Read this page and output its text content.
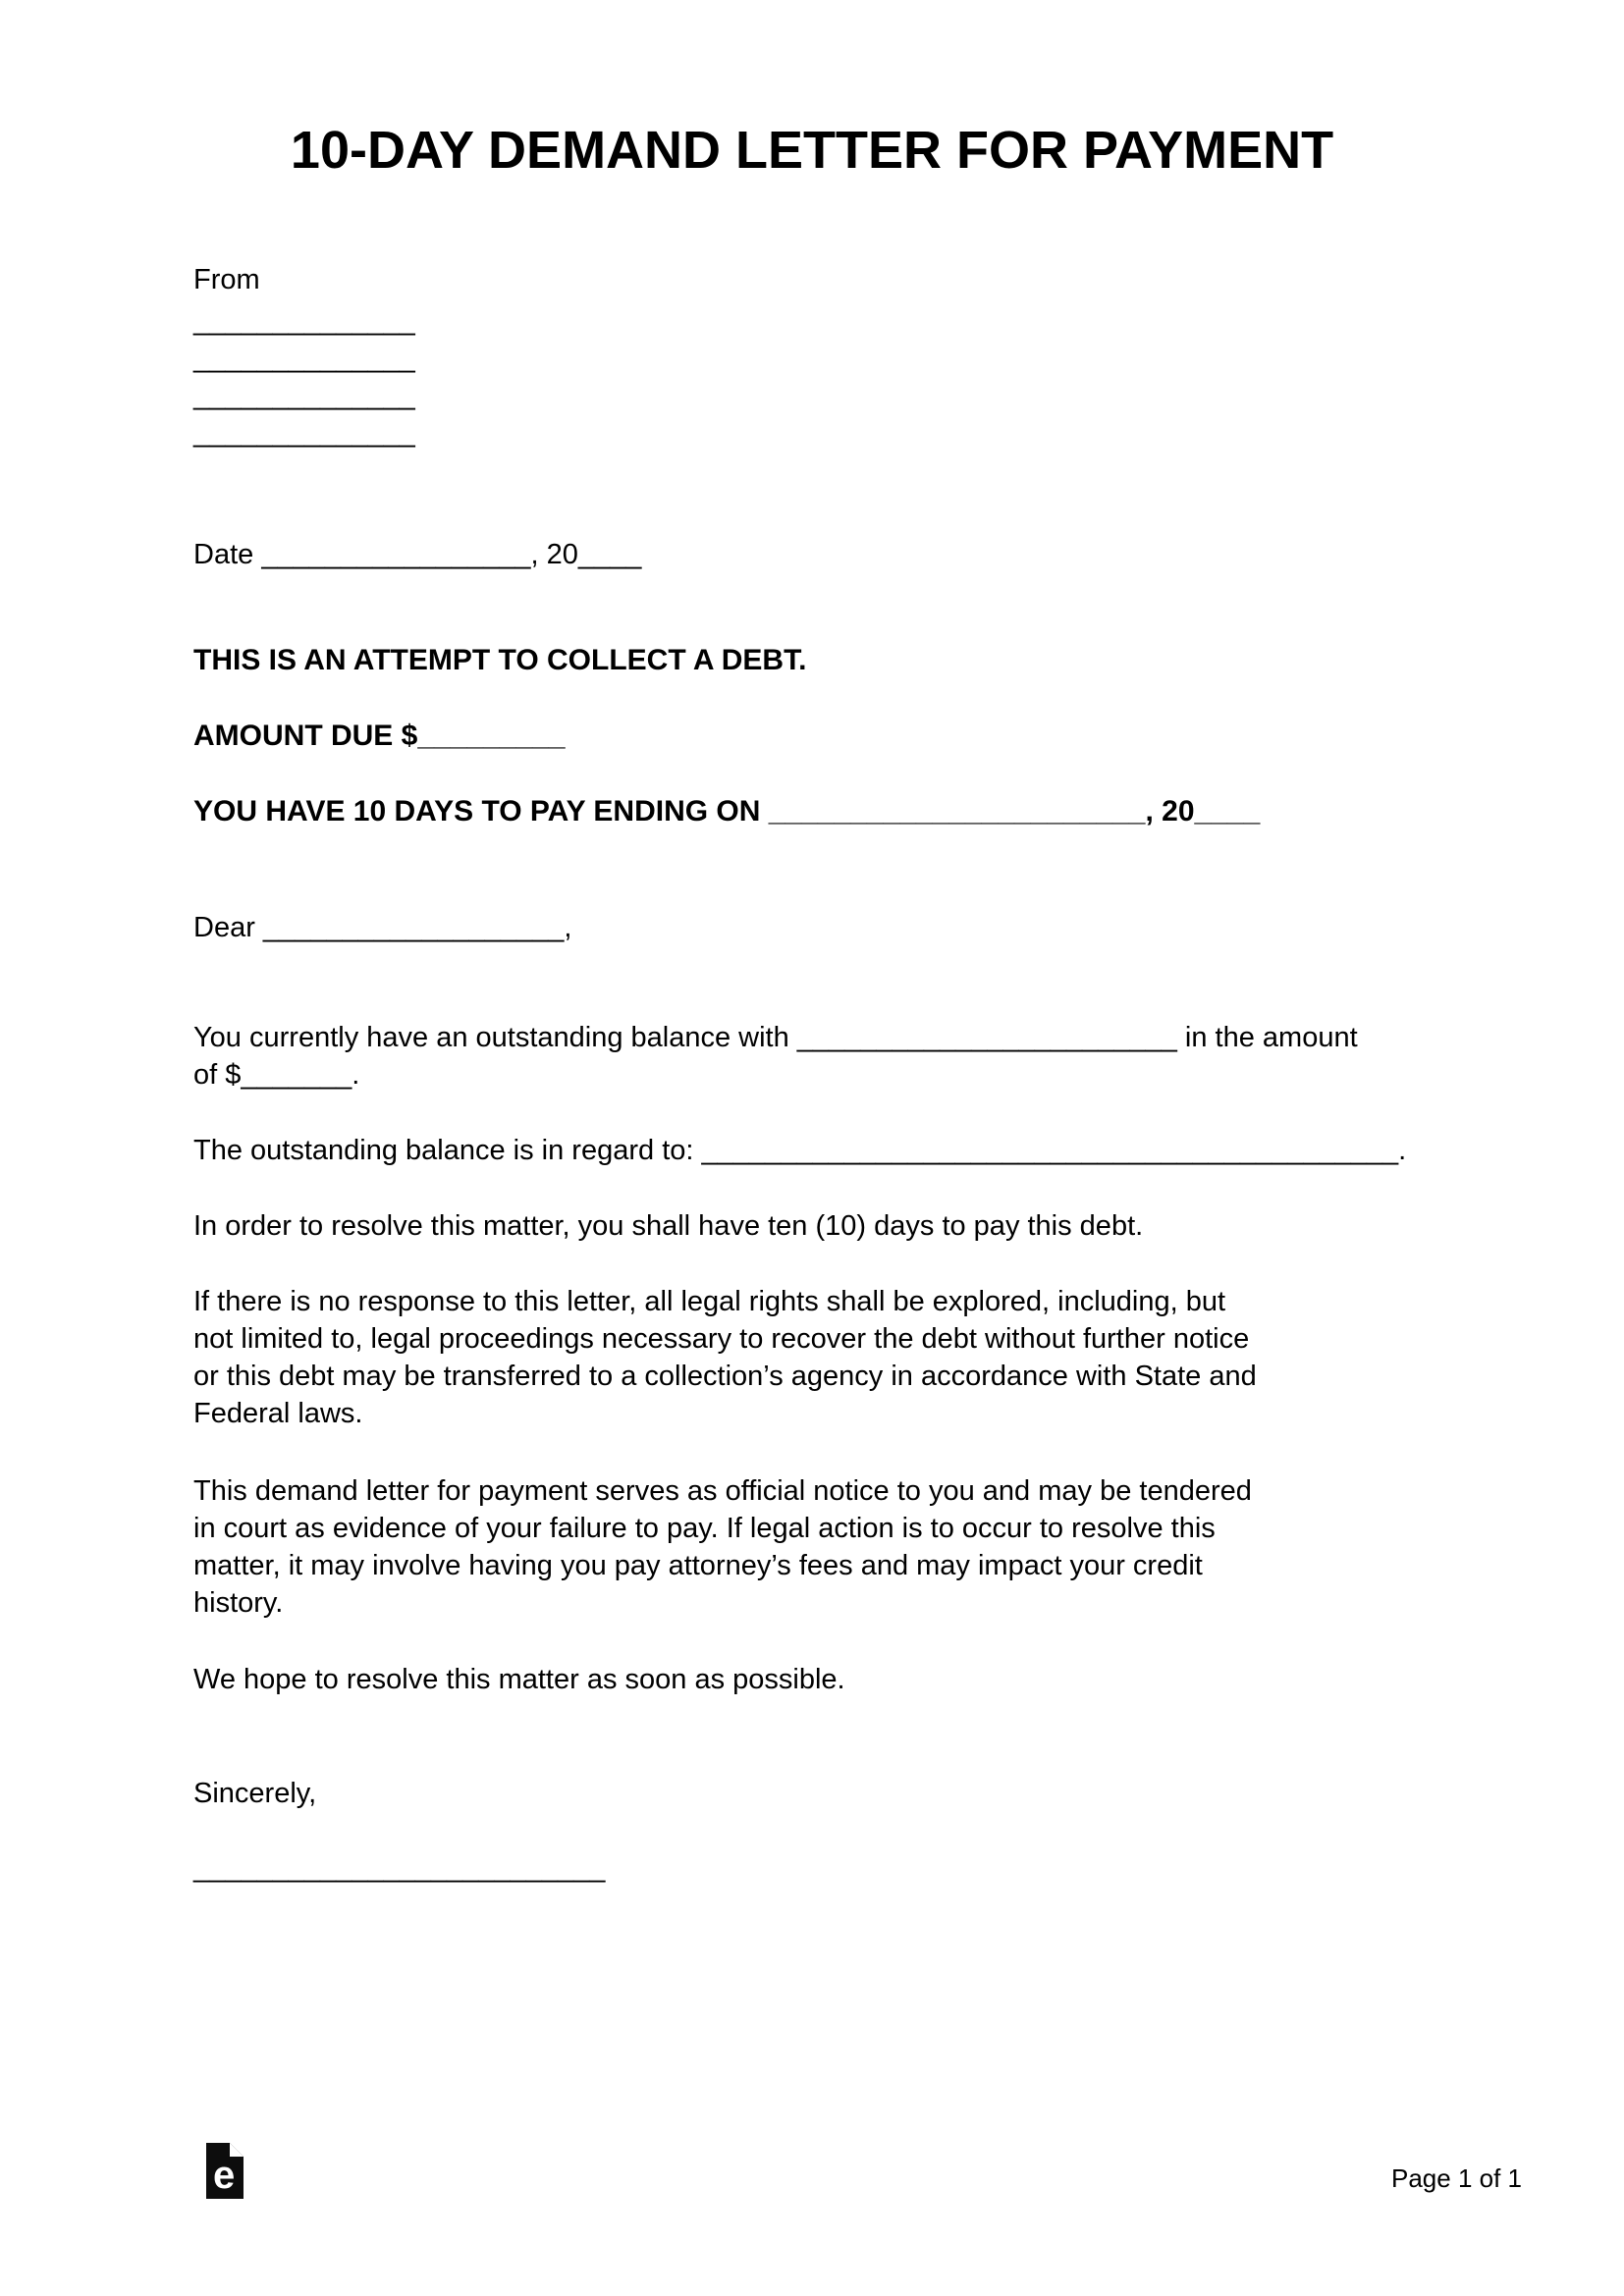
10-DAY DEMAND LETTER FOR PAYMENT
From
______________
______________
______________
______________
Date _________________, 20____
THIS IS AN ATTEMPT TO COLLECT A DEBT.
AMOUNT DUE $_________
YOU HAVE 10 DAYS TO PAY ENDING ON _______________________, 20____
Dear ___________________,
You currently have an outstanding balance with ________________________ in the amount
of $_______.
The outstanding balance is in regard to: ____________________________________________.
In order to resolve this matter, you shall have ten (10) days to pay this debt.
If there is no response to this letter, all legal rights shall be explored, including, but
not limited to, legal proceedings necessary to recover the debt without further notice
or this debt may be transferred to a collection’s agency in accordance with State and
Federal laws.
This demand letter for payment serves as official notice to you and may be tendered
in court as evidence of your failure to pay. If legal action is to occur to resolve this
matter, it may involve having you pay attorney’s fees and may impact your credit
history.
We hope to resolve this matter as soon as possible.
Sincerely,
__________________________
e	Page 1 of 1
